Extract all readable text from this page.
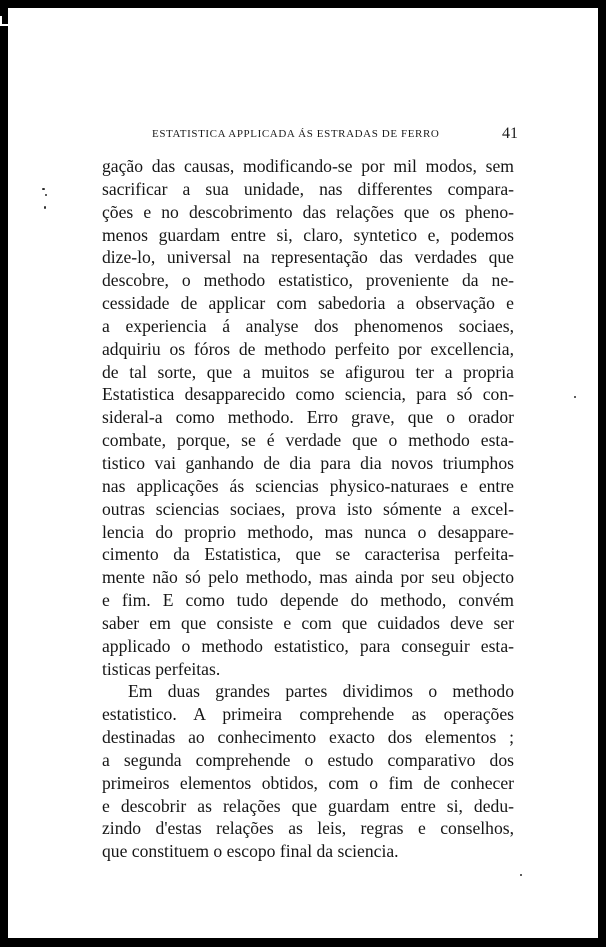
ESTATISTICA APPLICADA ÁS ESTRADAS DE FERRO	41
gação das causas, modificando-se por mil modos, sem
sacrificar a sua unidade, nas differentes compara-
ções e no descobrimento das relações que os pheno-
menos guardam entre si, claro, syntetico e, podemos
dize-lo, universal na representação das verdades que
descobre, o methodo estatistico, proveniente da ne-
cessidade de applicar com sabedoria a observação e
a experiencia á analyse dos phenomenos sociaes,
adquiriu os fóros de methodo perfeito por excellencia,
de tal sorte, que a muitos se afigurou ter a propria
Estatistica desapparecido como sciencia, para só con-
sideral-a como methodo. Erro grave, que o orador
combate, porque, se é verdade que o methodo esta-
tistico vai ganhando de dia para dia novos triumphos
nas applicações ás sciencias physico-naturaes e entre
outras sciencias sociaes, prova isto sómente a excel-
lencia do proprio methodo, mas nunca o desappare-
cimento da Estatistica, que se caracterisa perfeita-
mente não só pelo methodo, mas ainda por seu objecto
e fim. E como tudo depende do methodo, convém
saber em que consiste e com que cuidados deve ser
applicado o methodo estatistico, para conseguir esta-
tisticas perfeitas.
Em duas grandes partes dividimos o methodo
estatistico. A primeira comprehende as operações
destinadas ao conhecimento exacto dos elementos ;
a segunda comprehende o estudo comparativo dos
primeiros elementos obtidos, com o fim de conhecer
e descobrir as relações que guardam entre si, dedu-
zindo d'estas relações as leis, regras e conselhos,
que constituem o escopo final da sciencia.
